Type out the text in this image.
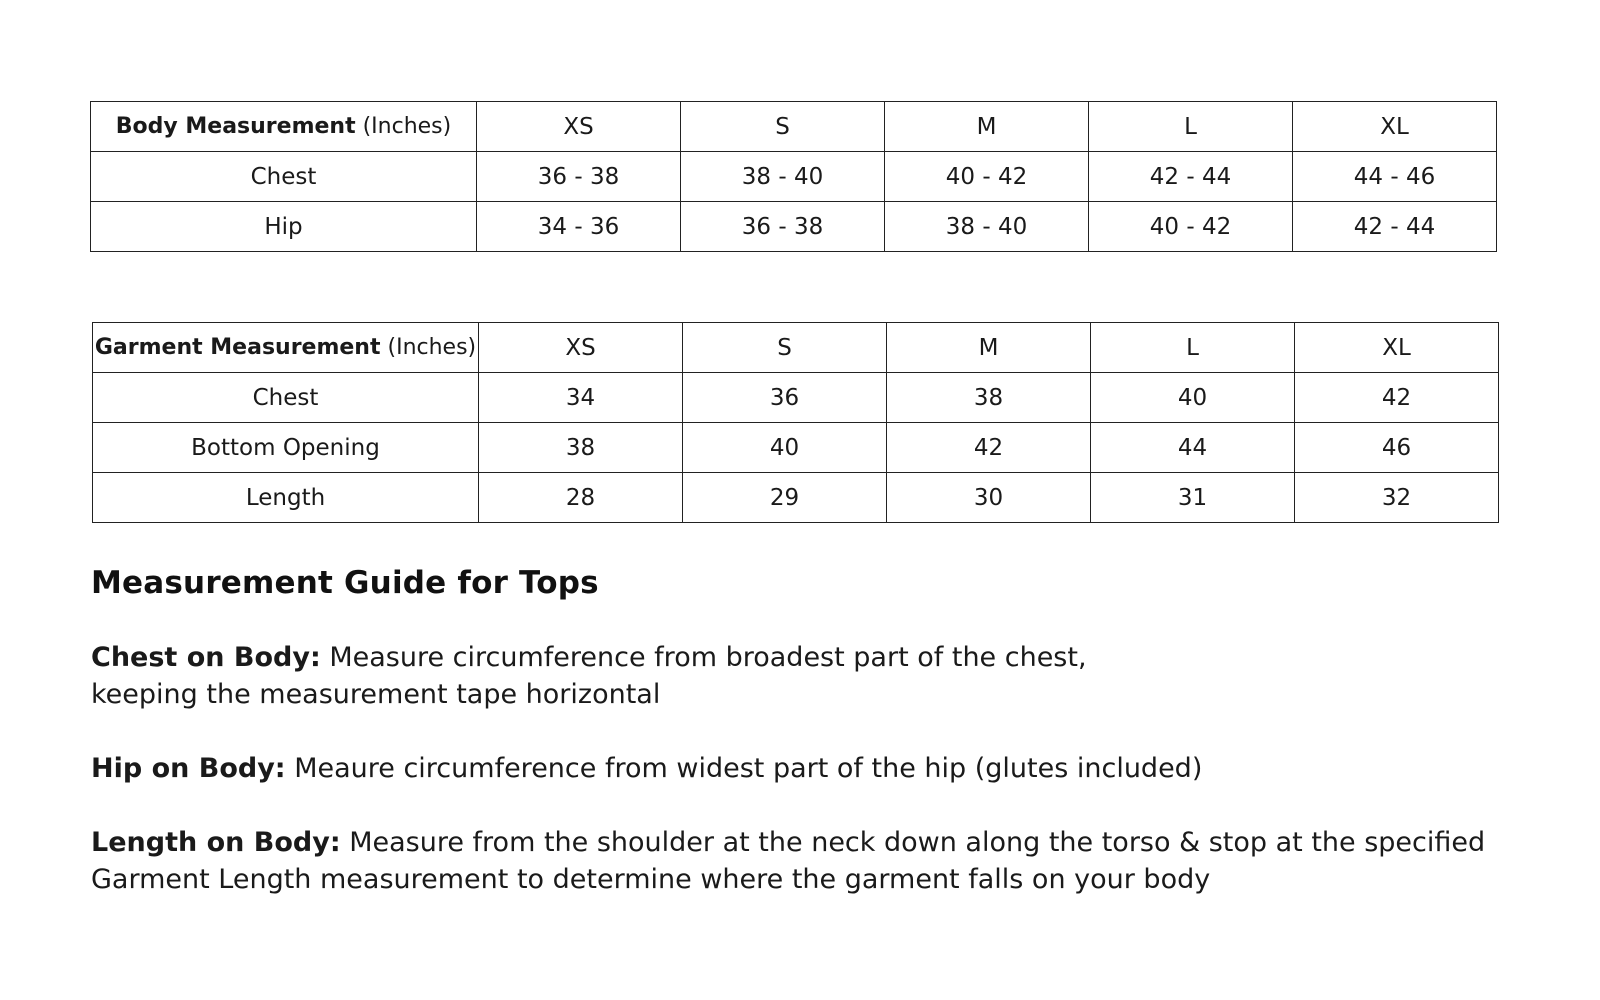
Body Measurement (Inches)	XS	S	M	L	XL
Chest	36 - 38	38 - 40	40 - 42	42 - 44	44 - 46
Hip	34 - 36	36 - 38	38 - 40	40 - 42	42 - 44
Garment Measurement (Inches)	XS	S	M	L	XL
Chest	34	36	38	40	42
Bottom Opening	38	40	42	44	46
Length	28	29	30	31	32
Measurement Guide for Tops
Chest on Body: Measure circumference from broadest part of the chest,
keeping the measurement tape horizontal
Hip on Body: Meaure circumference from widest part of the hip (glutes included)
Length on Body: Measure from the shoulder at the neck down along the torso & stop at the specified
Garment Length measurement to determine where the garment falls on your body
